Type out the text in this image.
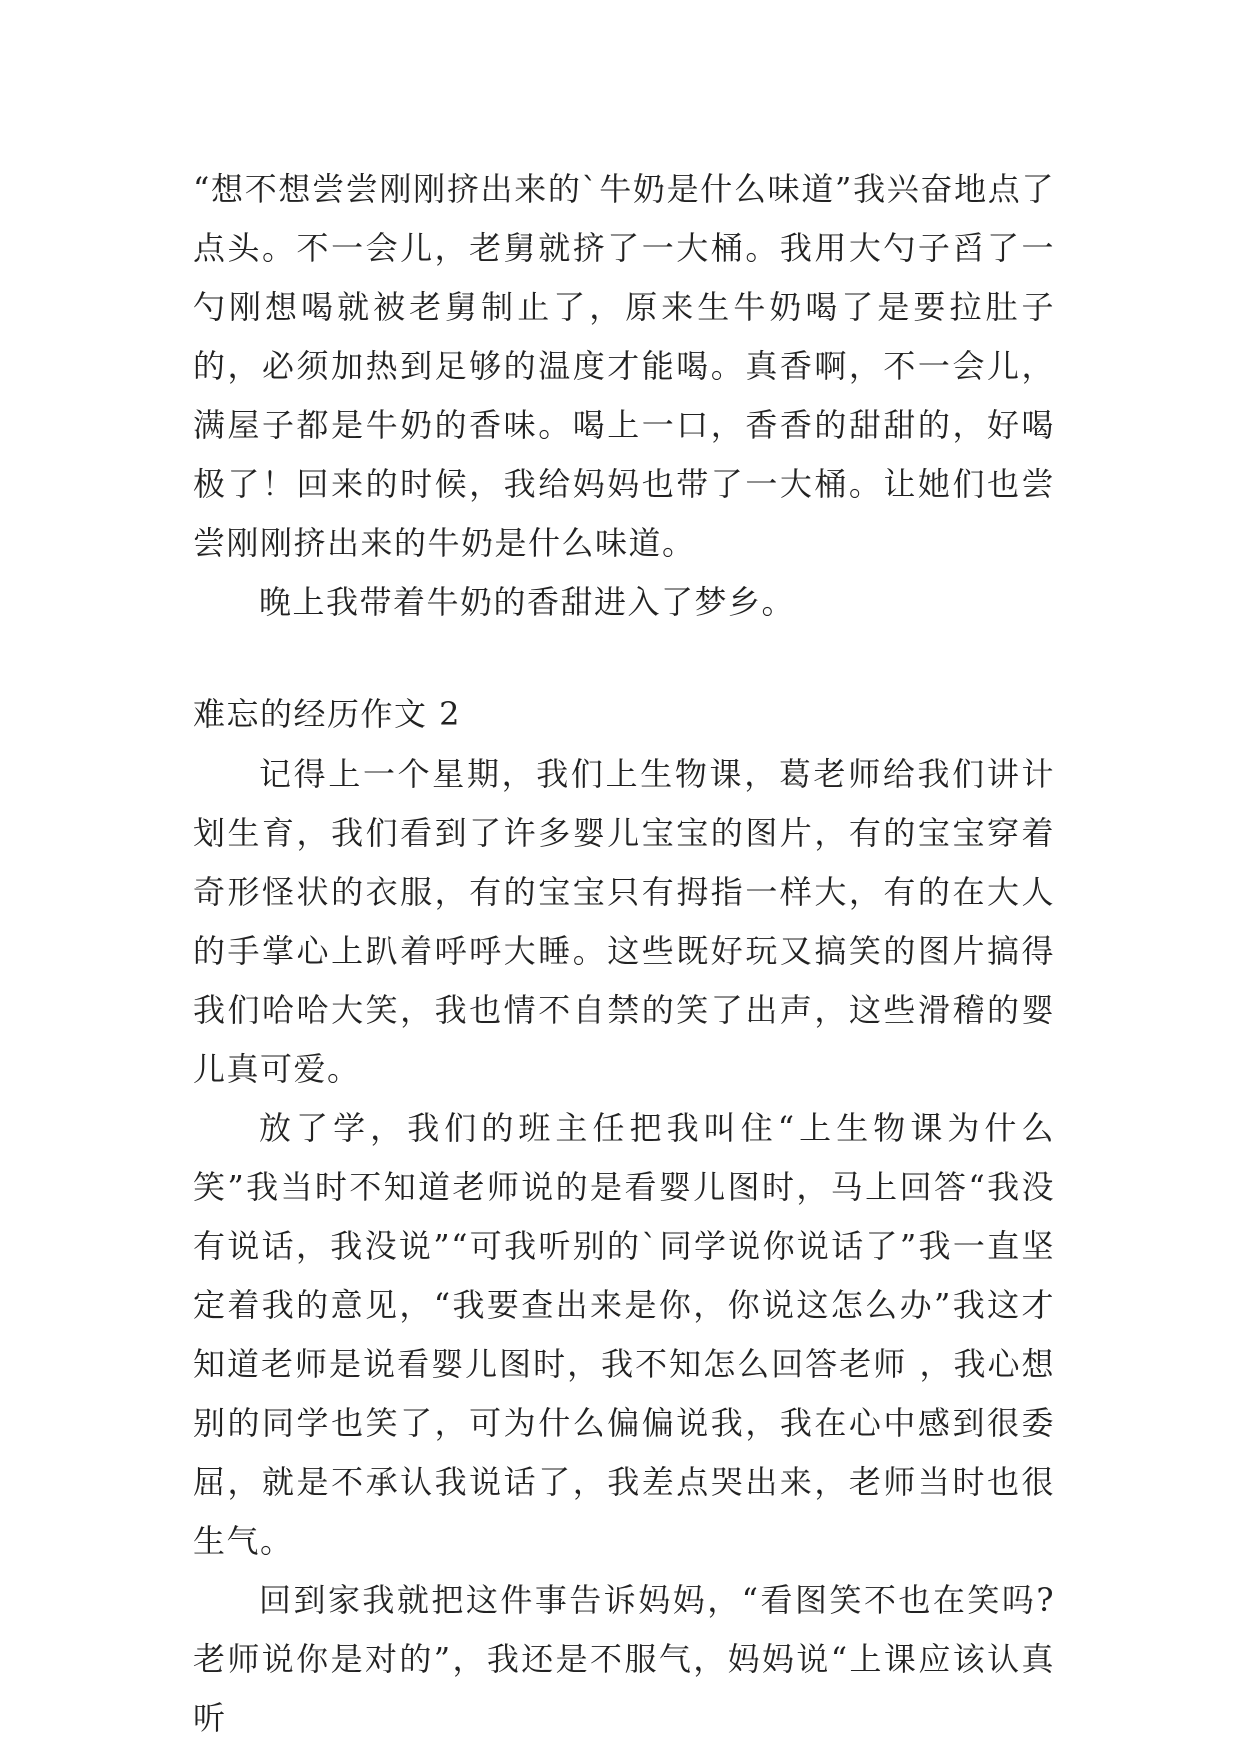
“想不想尝尝刚刚挤出来的`牛奶是什么味道”我兴奋地点了点头。不一会儿，老舅就挤了一大桶。我用大勺子舀了一勺刚想喝就被老舅制止了，原来生牛奶喝了是要拉肚子的，必须加热到足够的温度才能喝。真香啊，不一会儿，满屋子都是牛奶的香味。喝上一口，香香的甜甜的，好喝极了！回来的时候，我给妈妈也带了一大桶。让她们也尝尝刚刚挤出来的牛奶是什么味道。

晚上我带着牛奶的香甜进入了梦乡。

难忘的经历作文 2

记得上一个星期，我们上生物课，葛老师给我们讲计划生育，我们看到了许多婴儿宝宝的图片，有的宝宝穿着奇形怪状的衣服，有的宝宝只有拇指一样大，有的在大人的手掌心上趴着呼呼大睡。这些既好玩又搞笑的图片搞得我们哈哈大笑，我也情不自禁的笑了出声，这些滑稽的婴儿真可爱。

放了学，我们的班主任把我叫住“上生物课为什么笑”我当时不知道老师说的是看婴儿图时，马上回答“我没有说话，我没说”“可我听别的`同学说你说话了”我一直坚定着我的意见，“我要查出来是你，你说这怎么办”我这才知道老师是说看婴儿图时，我不知怎么回答老师 ，我心想别的同学也笑了，可为什么偏偏说我，我在心中感到很委屈，就是不承认我说话了，我差点哭出来，老师当时也很生气。

回到家我就把这件事告诉妈妈，“看图笑不也在笑吗?老师说你是对的”，我还是不服气，妈妈说“上课应该认真听
